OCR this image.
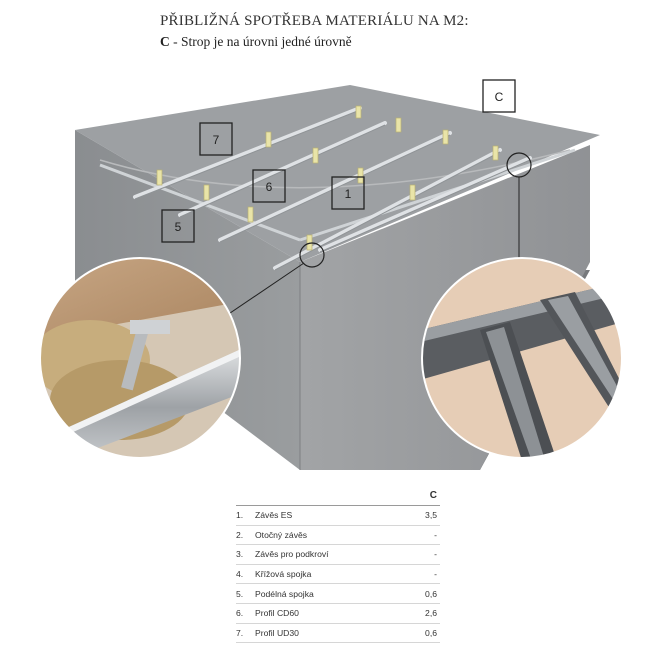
PŘIBLIŽNÁ SPOTŘEBA MATERIÁLU NA M2:
C - Strop je na úrovni jedné úrovně
7
6	1
5
C
C
1.	Závěs ES	3,5
2.	Otočný závěs	-
3.	Závěs pro podkroví	-
4.	Křížová spojka	-
5.	Podélná spojka	0,6
6.	Profil CD60	2,6
7.	Profil UD30	0,6
